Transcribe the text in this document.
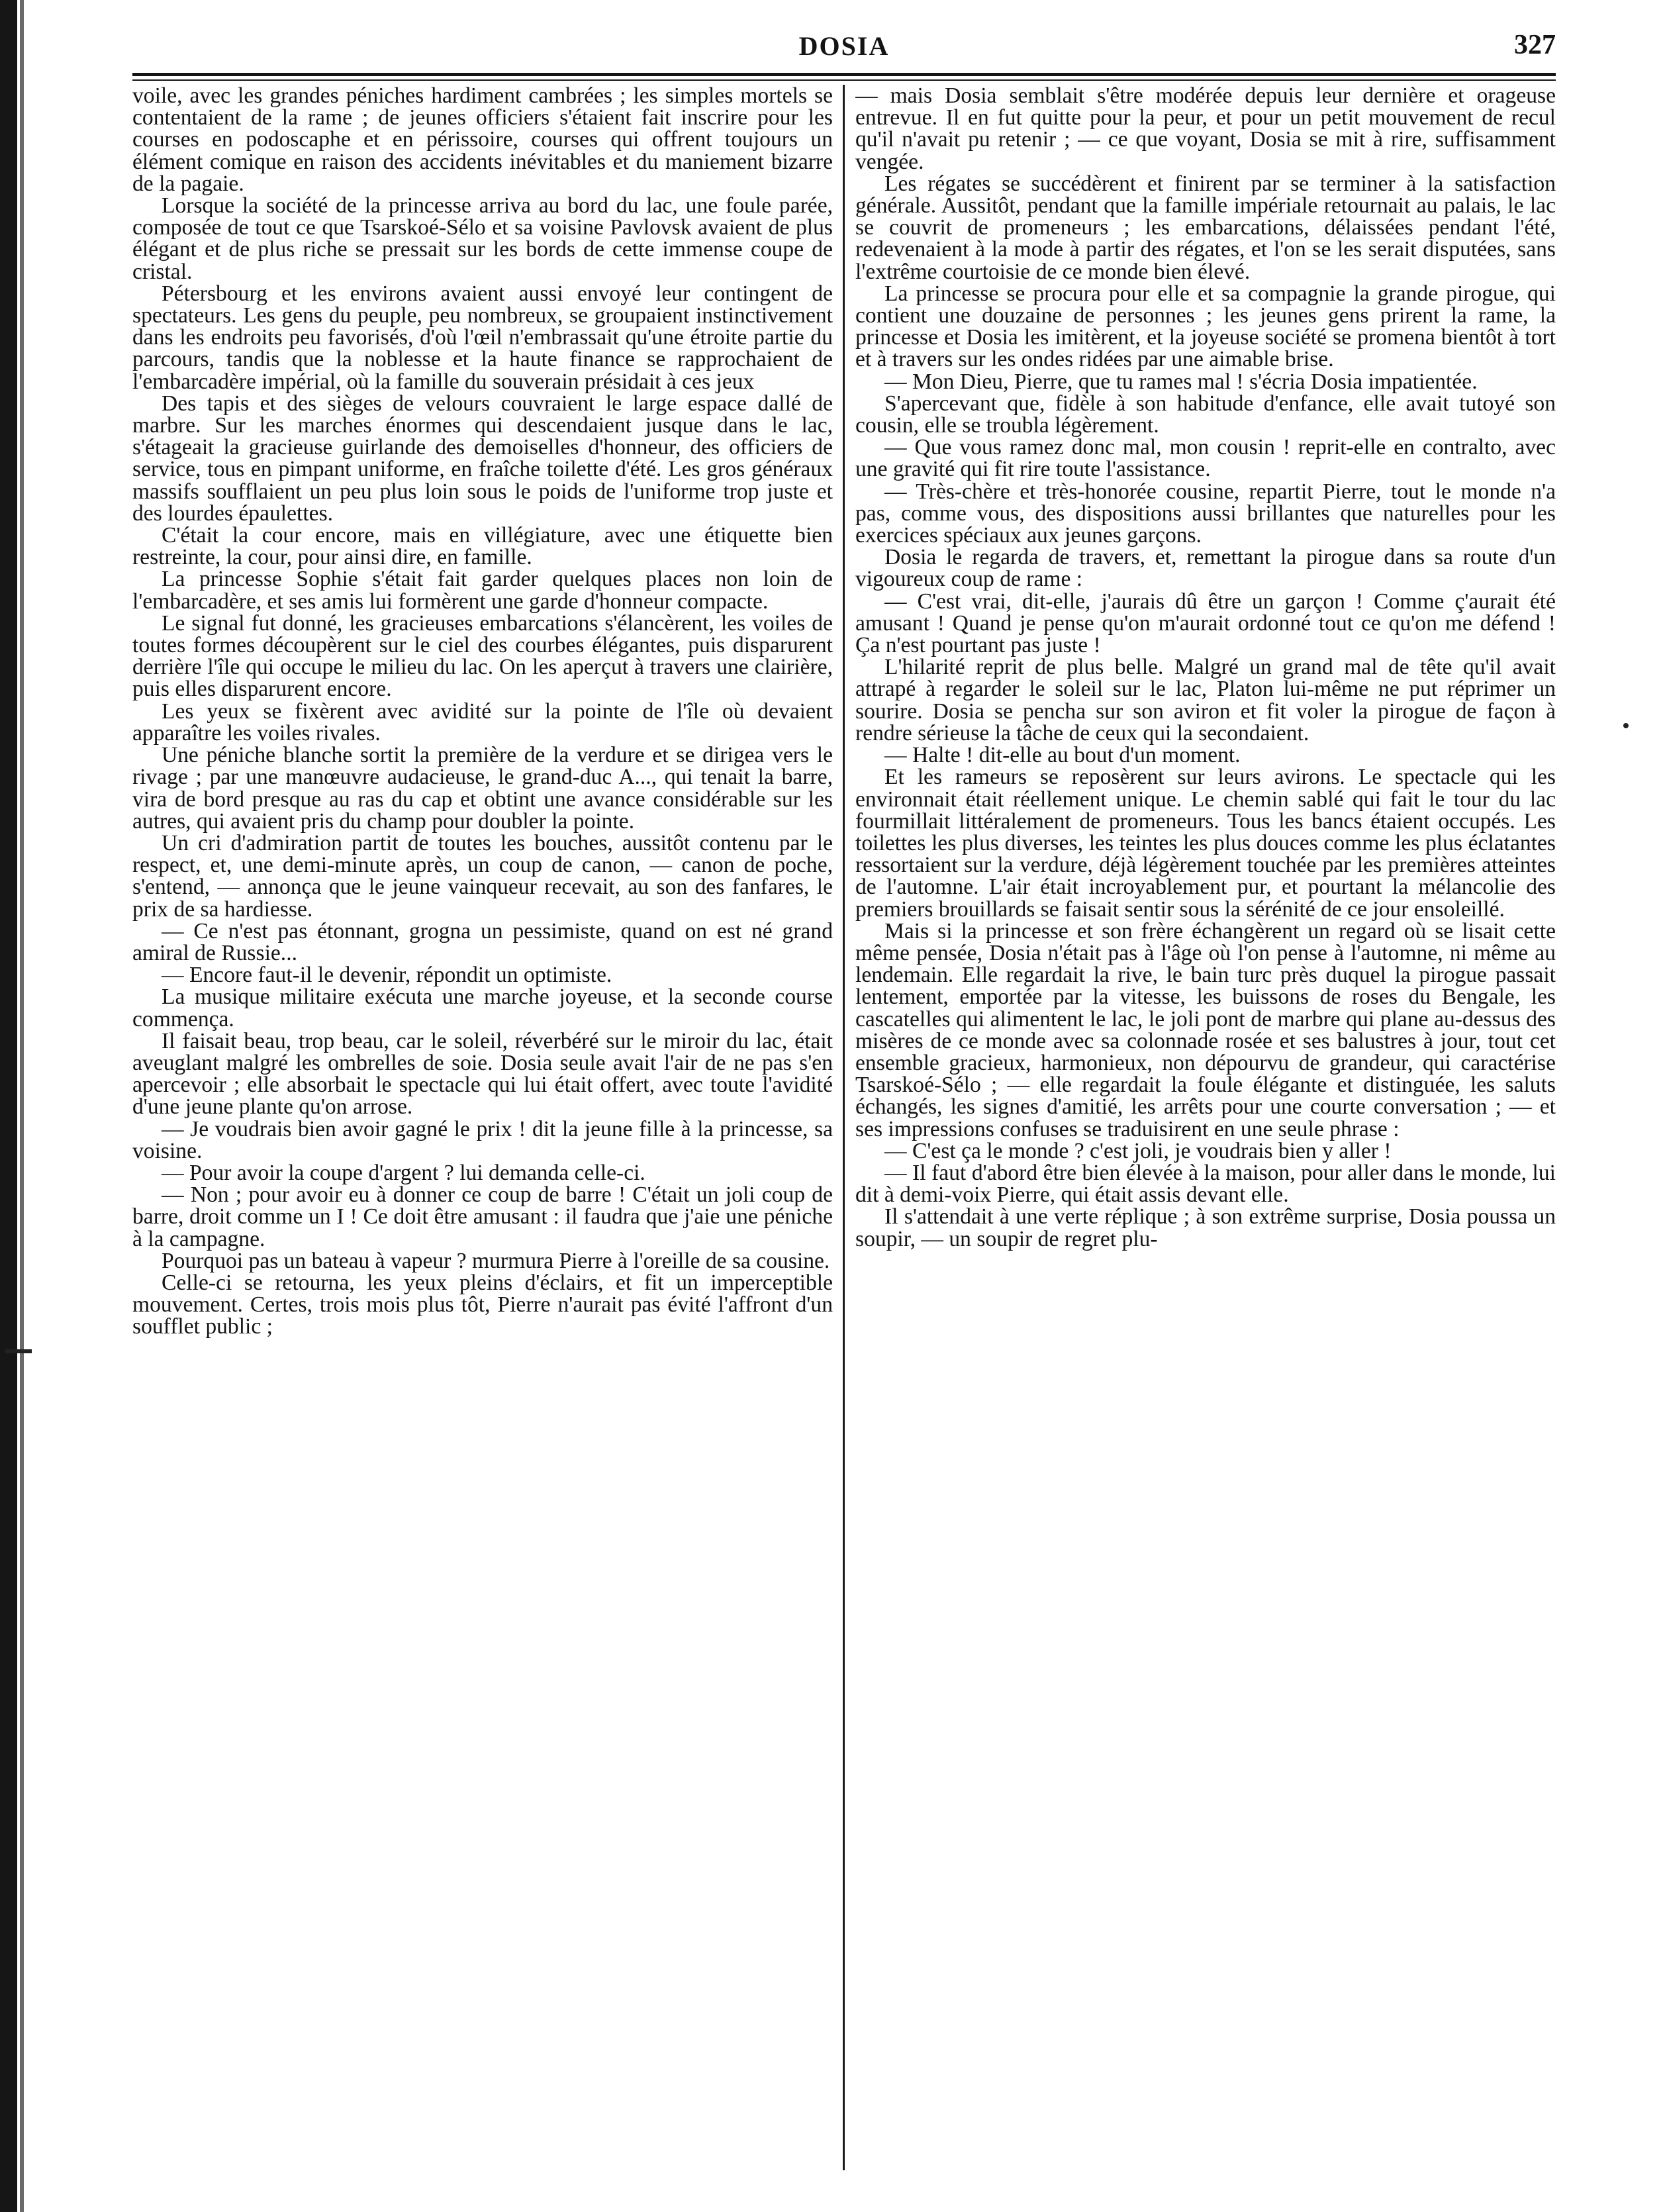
DOSIA	327

voile, avec les grandes péniches hardiment cambrées ; les simples mortels se contentaient de la rame ; de jeunes officiers s'étaient fait inscrire pour les courses en podoscaphe et en périssoire, courses qui offrent toujours un élément comique en raison des accidents inévitables et du maniement bizarre de la pagaie.

Lorsque la société de la princesse arriva au bord du lac, une foule parée, composée de tout ce que Tsarskoé-Sélo et sa voisine Pavlovsk avaient de plus élégant et de plus riche se pressait sur les bords de cette immense coupe de cristal.

Pétersbourg et les environs avaient aussi envoyé leur contingent de spectateurs. Les gens du peuple, peu nombreux, se groupaient instinctivement dans les endroits peu favorisés, d'où l'œil n'embrassait qu'une étroite partie du parcours, tandis que la noblesse et la haute finance se rapprochaient de l'embarcadère impérial, où la famille du souverain présidait à ces jeux

Des tapis et des sièges de velours couvraient le large espace dallé de marbre. Sur les marches énormes qui descendaient jusque dans le lac, s'étageait la gracieuse guirlande des demoiselles d'honneur, des officiers de service, tous en pimpant uniforme, en fraîche toilette d'été. Les gros généraux massifs soufflaient un peu plus loin sous le poids de l'uniforme trop juste et des lourdes épaulettes.

C'était la cour encore, mais en villégiature, avec une étiquette bien restreinte, la cour, pour ainsi dire, en famille.

La princesse Sophie s'était fait garder quelques places non loin de l'embarcadère, et ses amis lui formèrent une garde d'honneur compacte.

Le signal fut donné, les gracieuses embarcations s'élancèrent, les voiles de toutes formes découpèrent sur le ciel des courbes élégantes, puis disparurent derrière l'île qui occupe le milieu du lac. On les aperçut à travers une clairière, puis elles disparurent encore.

Les yeux se fixèrent avec avidité sur la pointe de l'île où devaient apparaître les voiles rivales.

Une péniche blanche sortit la première de la verdure et se dirigea vers le rivage ; par une manœuvre audacieuse, le grand-duc A..., qui tenait la barre, vira de bord presque au ras du cap et obtint une avance considérable sur les autres, qui avaient pris du champ pour doubler la pointe.

Un cri d'admiration partit de toutes les bouches, aussitôt contenu par le respect, et, une demi-minute après, un coup de canon, — canon de poche, s'entend, — annonça que le jeune vainqueur recevait, au son des fanfares, le prix de sa hardiesse.

— Ce n'est pas étonnant, grogna un pessimiste, quand on est né grand amiral de Russie...

— Encore faut-il le devenir, répondit un optimiste.

La musique militaire exécuta une marche joyeuse, et la seconde course commença.

Il faisait beau, trop beau, car le soleil, réverbéré sur le miroir du lac, était aveuglant malgré les ombrelles de soie. Dosia seule avait l'air de ne pas s'en apercevoir ; elle absorbait le spectacle qui lui était offert, avec toute l'avidité d'une jeune plante qu'on arrose.

— Je voudrais bien avoir gagné le prix ! dit la jeune fille à la princesse, sa voisine.

— Pour avoir la coupe d'argent ? lui demanda celle-ci.

— Non ; pour avoir eu à donner ce coup de barre ! C'était un joli coup de barre, droit comme un I ! Ce doit être amusant : il faudra que j'aie une péniche à la campagne.

Pourquoi pas un bateau à vapeur ? murmura Pierre à l'oreille de sa cousine.

Celle-ci se retourna, les yeux pleins d'éclairs, et fit un imperceptible mouvement. Certes, trois mois plus tôt, Pierre n'aurait pas évité l'affront d'un soufflet public ;

— mais Dosia semblait s'être modérée depuis leur dernière et orageuse entrevue. Il en fut quitte pour la peur, et pour un petit mouvement de recul qu'il n'avait pu retenir ; — ce que voyant, Dosia se mit à rire, suffisamment vengée.

Les régates se succédèrent et finirent par se terminer à la satisfaction générale. Aussitôt, pendant que la famille impériale retournait au palais, le lac se couvrit de promeneurs ; les embarcations, délaissées pendant l'été, redevenaient à la mode à partir des régates, et l'on se les serait disputées, sans l'extrême courtoisie de ce monde bien élevé.

La princesse se procura pour elle et sa compagnie la grande pirogue, qui contient une douzaine de personnes ; les jeunes gens prirent la rame, la princesse et Dosia les imitèrent, et la joyeuse société se promena bientôt à tort et à travers sur les ondes ridées par une aimable brise.

— Mon Dieu, Pierre, que tu rames mal ! s'écria Dosia impatientée.

S'apercevant que, fidèle à son habitude d'enfance, elle avait tutoyé son cousin, elle se troubla légèrement.

— Que vous ramez donc mal, mon cousin ! reprit-elle en contralto, avec une gravité qui fit rire toute l'assistance.

— Très-chère et très-honorée cousine, repartit Pierre, tout le monde n'a pas, comme vous, des dispositions aussi brillantes que naturelles pour les exercices spéciaux aux jeunes garçons.

Dosia le regarda de travers, et, remettant la pirogue dans sa route d'un vigoureux coup de rame :

— C'est vrai, dit-elle, j'aurais dû être un garçon ! Comme ç'aurait été amusant ! Quand je pense qu'on m'aurait ordonné tout ce qu'on me défend ! Ça n'est pourtant pas juste !

L'hilarité reprit de plus belle. Malgré un grand mal de tête qu'il avait attrapé à regarder le soleil sur le lac, Platon lui-même ne put réprimer un sourire. Dosia se pencha sur son aviron et fit voler la pirogue de façon à rendre sérieuse la tâche de ceux qui la secondaient.

— Halte ! dit-elle au bout d'un moment.

Et les rameurs se reposèrent sur leurs avirons. Le spectacle qui les environnait était réellement unique. Le chemin sablé qui fait le tour du lac fourmillait littéralement de promeneurs. Tous les bancs étaient occupés. Les toilettes les plus diverses, les teintes les plus douces comme les plus éclatantes ressortaient sur la verdure, déjà légèrement touchée par les premières atteintes de l'automne. L'air était incroyablement pur, et pourtant la mélancolie des premiers brouillards se faisait sentir sous la sérénité de ce jour ensoleillé.

Mais si la princesse et son frère échangèrent un regard où se lisait cette même pensée, Dosia n'était pas à l'âge où l'on pense à l'automne, ni même au lendemain. Elle regardait la rive, le bain turc près duquel la pirogue passait lentement, emportée par la vitesse, les buissons de roses du Bengale, les cascatelles qui alimentent le lac, le joli pont de marbre qui plane au-dessus des misères de ce monde avec sa colonnade rosée et ses balustres à jour, tout cet ensemble gracieux, harmonieux, non dépourvu de grandeur, qui caractérise Tsarskoé-Sélo ; — elle regardait la foule élégante et distinguée, les saluts échangés, les signes d'amitié, les arrêts pour une courte conversation ; — et ses impressions confuses se traduisirent en une seule phrase :

— C'est ça le monde ? c'est joli, je voudrais bien y aller !

— Il faut d'abord être bien élevée à la maison, pour aller dans le monde, lui dit à demi-voix Pierre, qui était assis devant elle.

Il s'attendait à une verte réplique ; à son extrême surprise, Dosia poussa un soupir, — un soupir de regret plu-
